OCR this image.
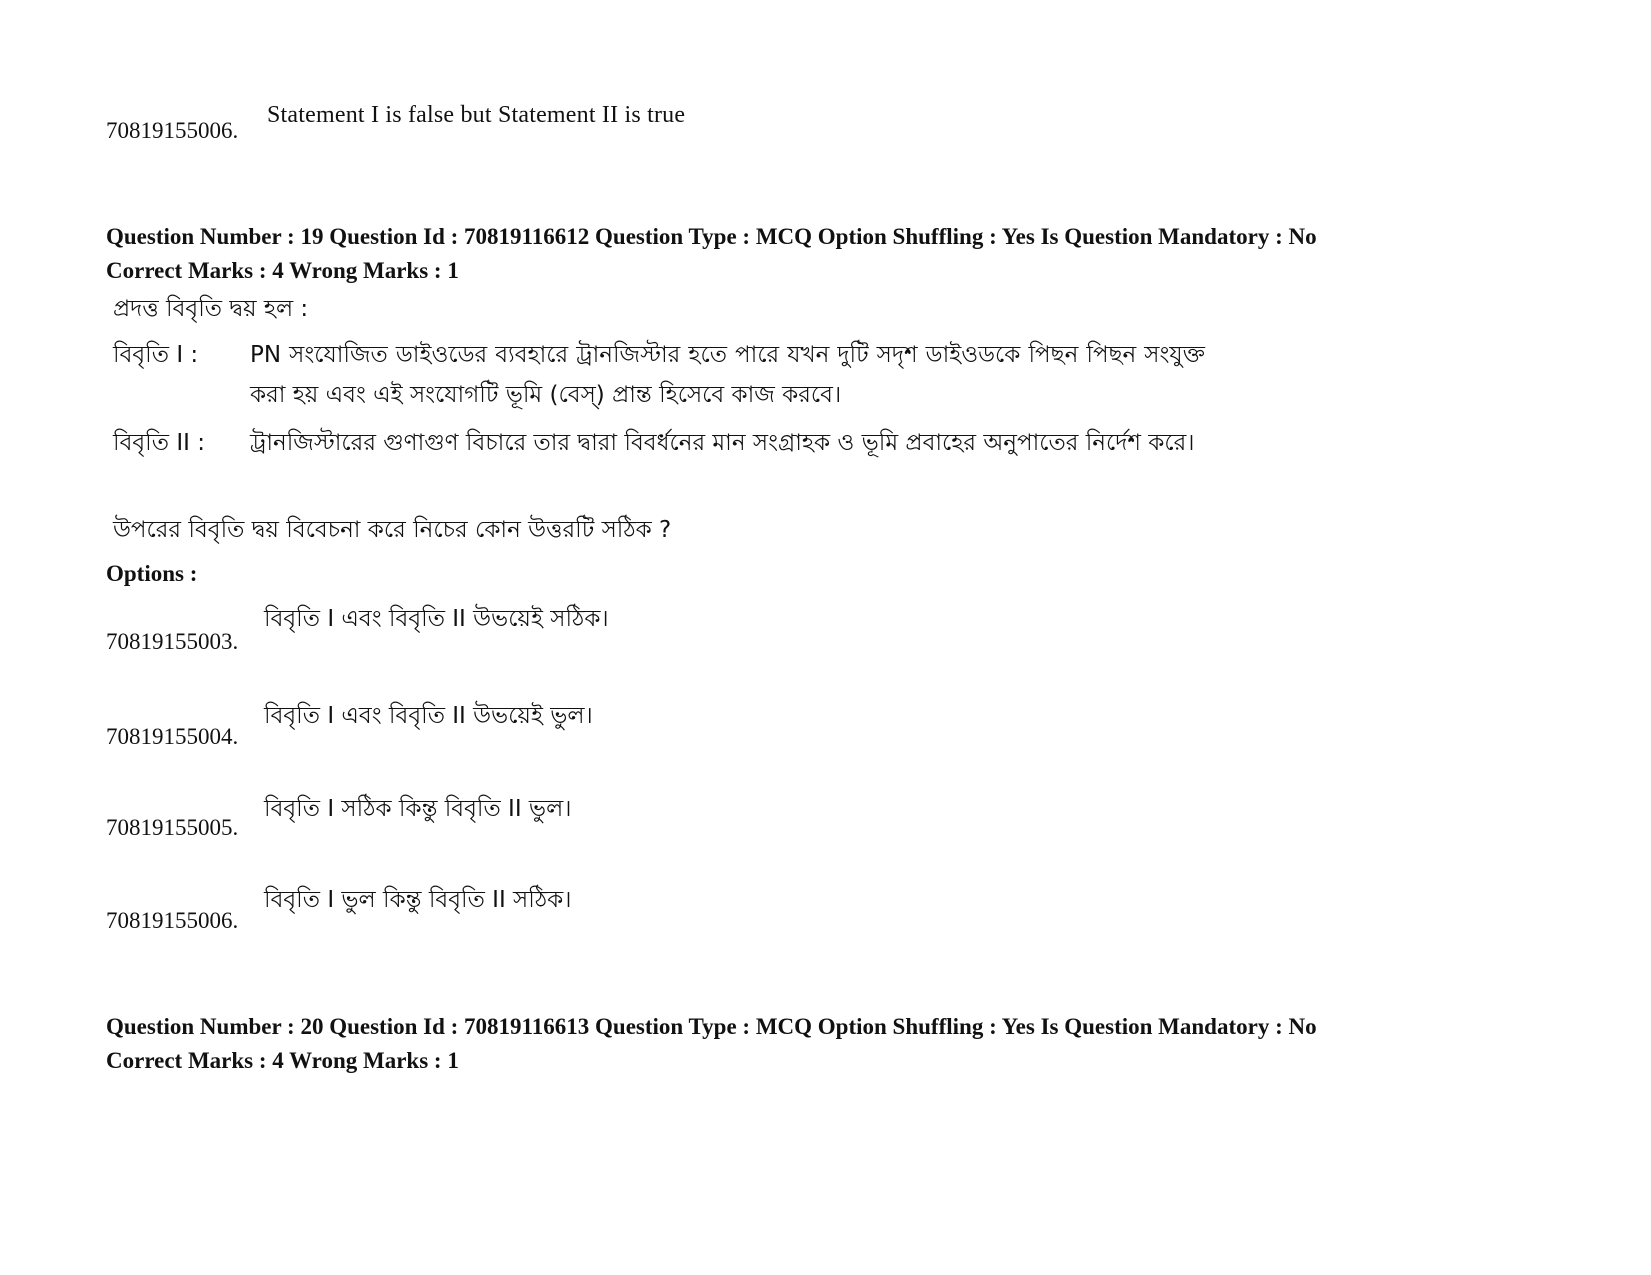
70819155006.
Statement I is false but Statement II is true
Question Number : 19 Question Id : 70819116612 Question Type : MCQ Option Shuffling : Yes Is Question Mandatory : No
Correct Marks : 4 Wrong Marks : 1
প্রদত্ত বিবৃতি দ্বয় হল :
বিবৃতি I : PN সংযোজিত ডাইওডের ব্যবহারে ট্রানজিস্টার হতে পারে যখন দুটি সদৃশ ডাইওডকে পিছন পিছন সংযুক্ত করা হয় এবং এই সংযোগটি ভূমি (বেস্) প্রান্ত হিসেবে কাজ করবে।
বিবৃতি II : ট্রানজিস্টারের গুণাগুণ বিচারে তার দ্বারা বিবর্ধনের মান সংগ্রাহক ও ভূমি প্রবাহের অনুপাতের নির্দেশ করে।
উপরের বিবৃতি দ্বয় বিবেচনা করে নিচের কোন উত্তরটি সঠিক ?
Options :
70819155003.
বিবৃতি I এবং বিবৃতি II উভয়েই সঠিক।
70819155004.
বিবৃতি I এবং বিবৃতি II উভয়েই ভুল।
70819155005.
বিবৃতি I সঠিক কিন্তু বিবৃতি II ভুল।
70819155006.
বিবৃতি I ভুল কিন্তু বিবৃতি II সঠিক।
Question Number : 20 Question Id : 70819116613 Question Type : MCQ Option Shuffling : Yes Is Question Mandatory : No
Correct Marks : 4 Wrong Marks : 1
